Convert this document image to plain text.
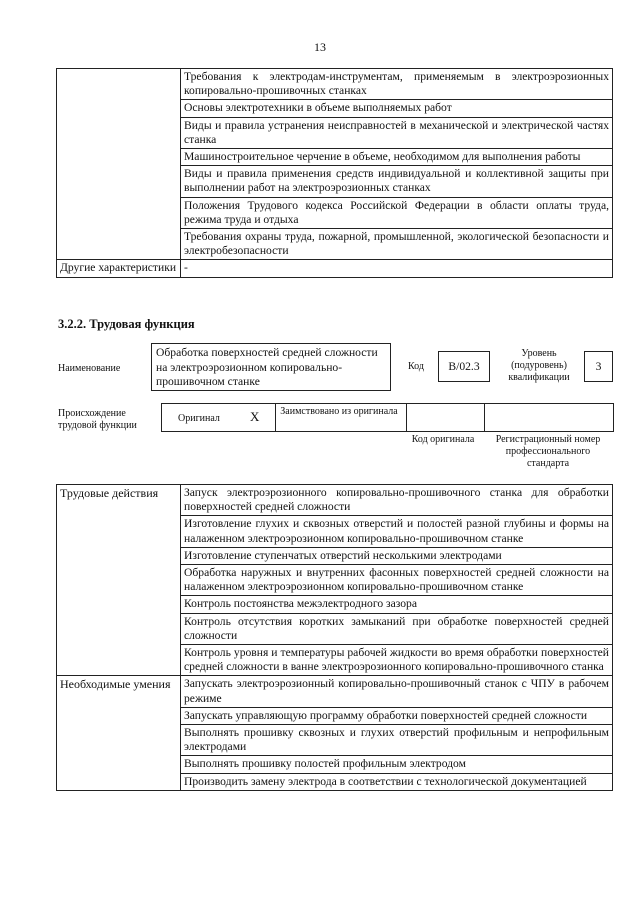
13
	Требования к электродам-инструментам, применяемым в электроэрозионных копировально-прошивочных станках
	Основы электротехники в объеме выполняемых работ
	Виды и правила устранения неисправностей в механической и электрической частях станка
	Машиностроительное черчение в объеме, необходимом для выполнения работы
	Виды и правила применения средств индивидуальной и коллективной защиты при выполнении работ на электроэрозионных станках
	Положения Трудового кодекса Российской Федерации в области оплаты труда, режима труда и отдыха
	Требования охраны труда, пожарной, промышленной, экологической безопасности и электробезопасности
Другие характеристики	-
3.2.2. Трудовая функция
Наименование
Обработка поверхностей средней сложности на электроэрозионном копировально-прошивочном станке
Код	B/02.3
Уровень (подуровень) квалификации
3
Происхождение трудовой функции
Оригинал X Заимствовано из оригинала
Код оригинала	Регистрационный номер профессионального стандарта
Трудовые действия	Запуск электроэрозионного копировально-прошивочного станка для обработки поверхностей средней сложности
	Изготовление глухих и сквозных отверстий и полостей разной глубины и формы на налаженном электроэрозионном копировально-прошивочном станке
	Изготовление ступенчатых отверстий несколькими электродами
	Обработка наружных и внутренних фасонных поверхностей средней сложности на налаженном электроэрозионном копировально-прошивочном станке
	Контроль постоянства межэлектродного зазора
	Контроль отсутствия коротких замыканий при обработке поверхностей средней сложности
	Контроль уровня и температуры рабочей жидкости во время обработки поверхностей средней сложности в ванне электроэрозионного копировально-прошивочного станка
Необходимые умения	Запускать электроэрозионный копировально-прошивочный станок с ЧПУ в рабочем режиме
	Запускать управляющую программу обработки поверхностей средней сложности
	Выполнять прошивку сквозных и глухих отверстий профильным и непрофильным электродами
	Выполнять прошивку полостей профильным электродом
	Производить замену электрода в соответствии с технологической документацией
